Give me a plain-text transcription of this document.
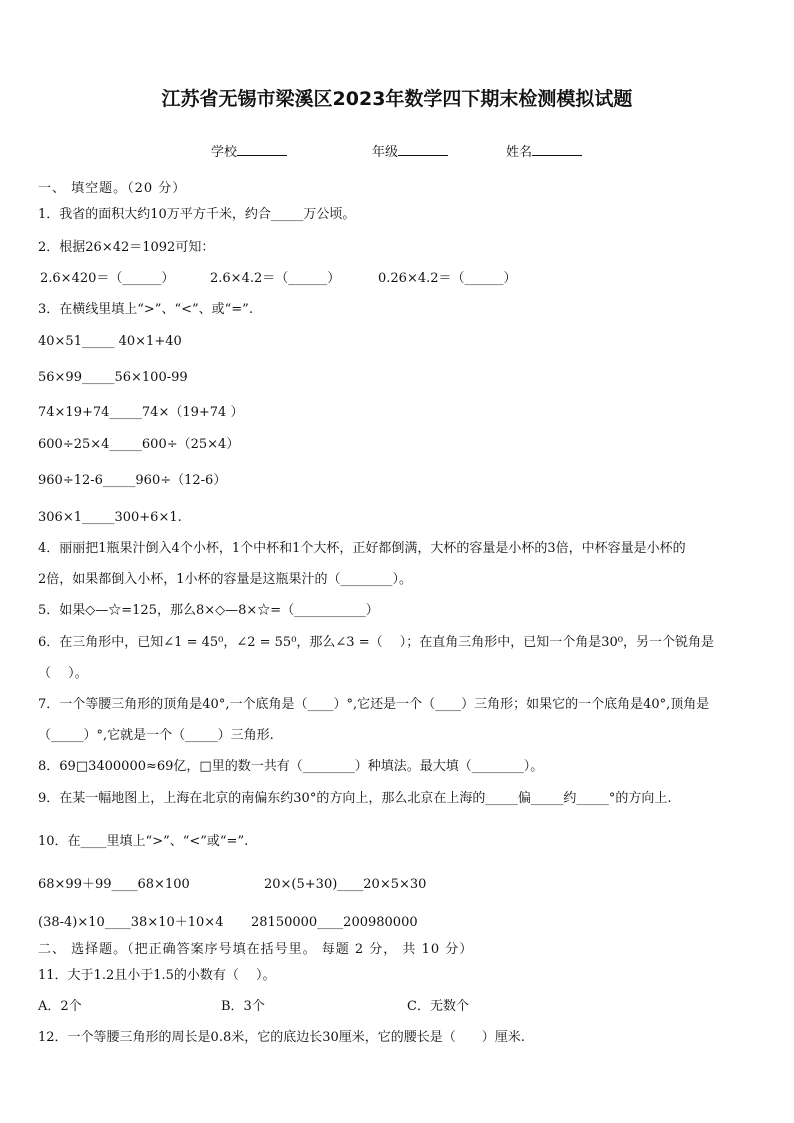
江苏省无锡市梁溪区2023年数学四下期末检测模拟试题
学校	年级	姓名
一、 填空题。（20 分）
1．我省的面积大约10万平方千米，约合_____万公顷。
2．根据26×42＝1092可知：
2.6×420＝（______）	2.6×4.2＝（______）	0.26×4.2＝（______）
3．在横线里填上“>”、“<”、或“=”.
40×51_____ 40×1+40
56×99_____56×100-99
74×19+74_____74×（19+74 ）
600÷25×4_____600÷（25×4）
960÷12-6_____960÷（12-6）
306×1_____300+6×1.
4．丽丽把1瓶果汁倒入4个小杯，1个中杯和1个大杯，正好都倒满，大杯的容量是小杯的3倍，中杯容量是小杯的
2倍，如果都倒入小杯，1小杯的容量是这瓶果汁的（________）。
5．如果◇—☆=125，那么8×◇—8×☆=（___________）
6．在三角形中，已知∠1 = 45⁰，∠2 = 55⁰，那么∠3 =（　 ）；在直角三角形中，已知一个角是30⁰，另一个锐角是
（　 ）。
7．一个等腰三角形的顶角是40°,一个底角是（____）°,它还是一个（____）三角形；如果它的一个底角是40°,顶角是
（_____）°,它就是一个（_____）三角形.
8．69□3400000≈69亿，□里的数一共有（________）种填法。最大填（________）。
9．在某一幅地图上，上海在北京的南偏东约30°的方向上，那么北京在上海的_____偏_____约_____°的方向上.
10．在____里填上“>”、“<”或“=”.
68×99＋99____68×100	20×(5+30)____20×5×30
(38-4)×10____38×10＋10×4 28150000____200980000
二、 选择题。（把正确答案序号填在括号里。 每题 2 分， 共 10 分）
11．大于1.2且小于1.5的小数有（　 ）。
A．2个	B．3个	C．无数个
12．一个等腰三角形的周长是0.8米，它的底边长30厘米，它的腰长是（　　）厘米.
